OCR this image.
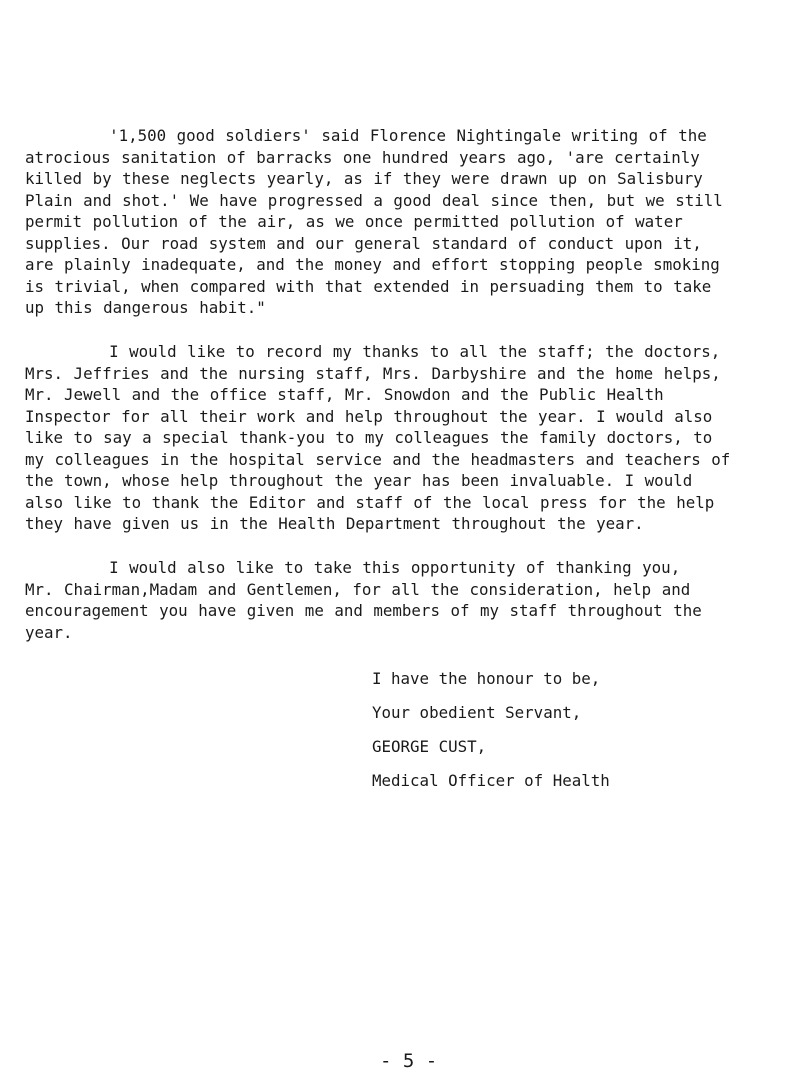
'1,500 good soldiers' said Florence Nightingale writing of the
atrocious sanitation of barracks one hundred years ago, 'are certainly
killed by these neglects yearly, as if they were drawn up on Salisbury
Plain and shot.' We have progressed a good deal since then, but we still
permit pollution of the air, as we once permitted pollution of water
supplies. Our road system and our general standard of conduct upon it,
are plainly inadequate, and the money and effort stopping people smoking
is trivial, when compared with that extended in persuading them to take
up this dangerous habit."

I would like to record my thanks to all the staff; the doctors,
Mrs. Jeffries and the nursing staff, Mrs. Darbyshire and the home helps,
Mr. Jewell and the office staff, Mr. Snowdon and the Public Health
Inspector for all their work and help throughout the year. I would also
like to say a special thank-you to my colleagues the family doctors, to
my colleagues in the hospital service and the headmasters and teachers of
the town, whose help throughout the year has been invaluable. I would
also like to thank the Editor and staff of the local press for the help
they have given us in the Health Department throughout the year.

I would also like to take this opportunity of thanking you,
Mr. Chairman,Madam and Gentlemen, for all the consideration, help and
encouragement you have given me and members of my staff throughout the
year.

I have the honour to be,
Your obedient Servant,
GEORGE CUST,
Medical Officer of Health
- 5 -
